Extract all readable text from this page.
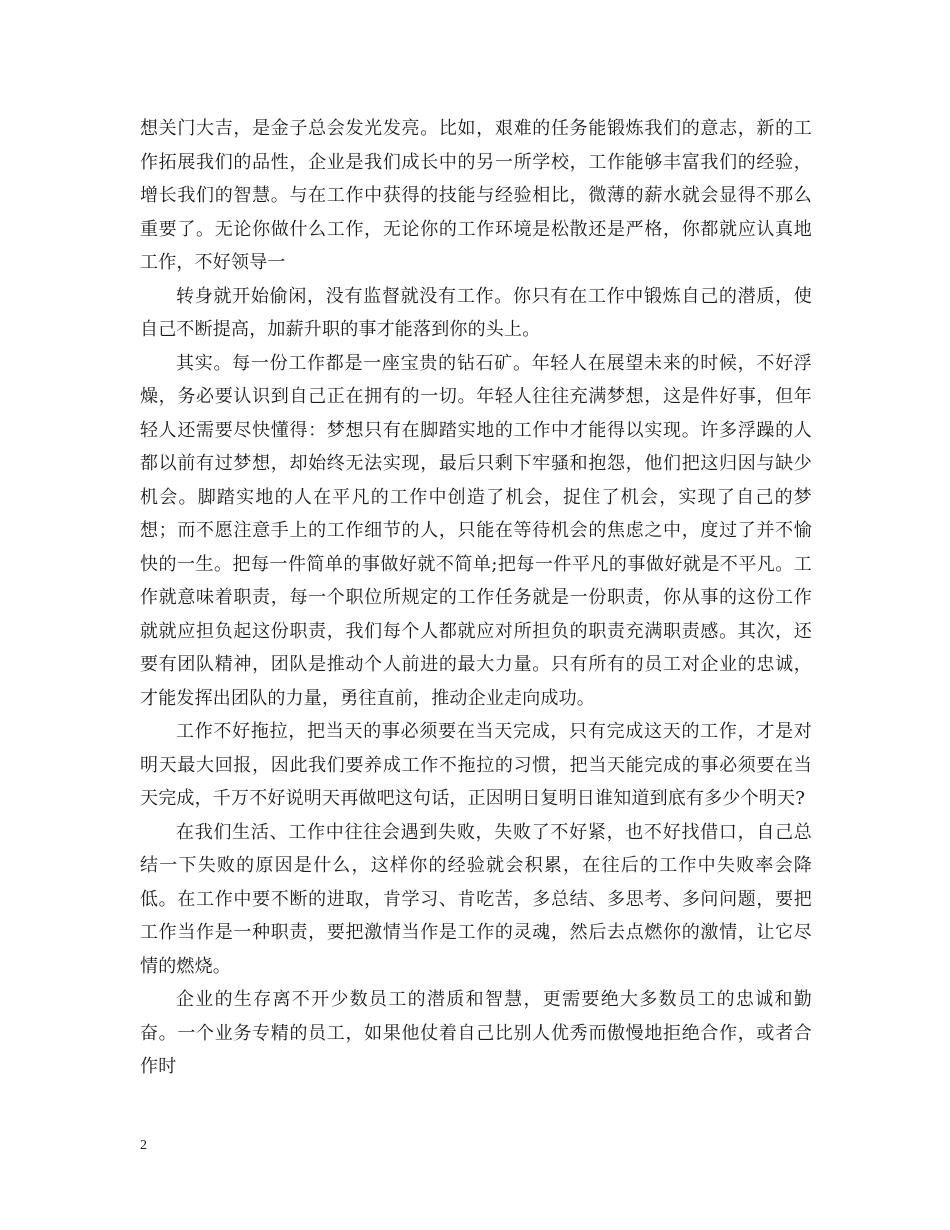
想关门大吉，是金子总会发光发亮。比如，艰难的任务能锻炼我们的意志，新的工作拓展我们的品性，企业是我们成长中的另一所学校，工作能够丰富我们的经验，增长我们的智慧。与在工作中获得的技能与经验相比，微薄的薪水就会显得不那么重要了。无论你做什么工作，无论你的工作环境是松散还是严格，你都就应认真地工作，不好领导一

转身就开始偷闲，没有监督就没有工作。你只有在工作中锻炼自己的潜质，使自己不断提高，加薪升职的事才能落到你的头上。

其实。每一份工作都是一座宝贵的钻石矿。年轻人在展望未来的时候，不好浮燥，务必要认识到自己正在拥有的一切。年轻人往往充满梦想，这是件好事，但年轻人还需要尽快懂得：梦想只有在脚踏实地的工作中才能得以实现。许多浮躁的人都以前有过梦想，却始终无法实现，最后只剩下牢骚和抱怨，他们把这归因与缺少机会。脚踏实地的人在平凡的工作中创造了机会，捉住了机会，实现了自己的梦想；而不愿注意手上的工作细节的人，只能在等待机会的焦虑之中，度过了并不愉快的一生。把每一件简单的事做好就不简单;把每一件平凡的事做好就是不平凡。工作就意味着职责，每一个职位所规定的工作任务就是一份职责，你从事的这份工作就就应担负起这份职责，我们每个人都就应对所担负的职责充满职责感。其次，还要有团队精神，团队是推动个人前进的最大力量。只有所有的员工对企业的忠诚，才能发挥出团队的力量，勇往直前，推动企业走向成功。

工作不好拖拉，把当天的事必须要在当天完成，只有完成这天的工作，才是对明天最大回报，因此我们要养成工作不拖拉的习惯，把当天能完成的事必须要在当天完成，千万不好说明天再做吧这句话，正因明日复明日谁知道到底有多少个明天?

在我们生活、工作中往往会遇到失败，失败了不好紧，也不好找借口，自己总结一下失败的原因是什么，这样你的经验就会积累，在往后的工作中失败率会降低。在工作中要不断的进取，肯学习、肯吃苦，多总结、多思考、多问问题，要把工作当作是一种职责，要把激情当作是工作的灵魂，然后去点燃你的激情，让它尽情的燃烧。

企业的生存离不开少数员工的潜质和智慧，更需要绝大多数员工的忠诚和勤奋。一个业务专精的员工，如果他仗着自己比别人优秀而傲慢地拒绝合作，或者合作时

2
